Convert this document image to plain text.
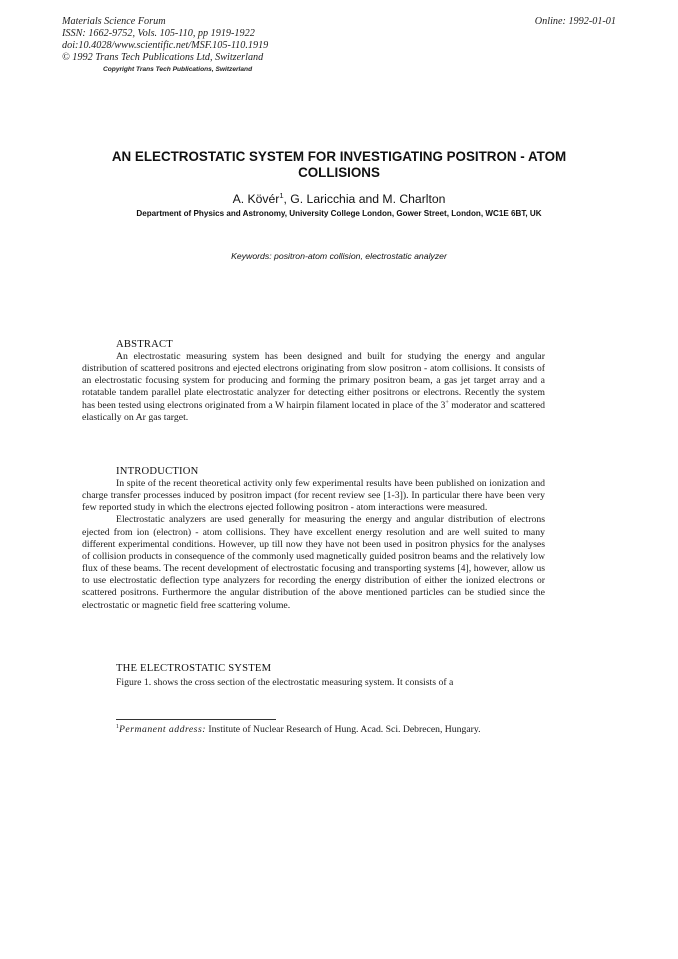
Materials Science Forum	Online: 1992-01-01
ISSN: 1662-9752, Vols. 105-110, pp 1919-1922
doi:10.4028/www.scientific.net/MSF.105-110.1919
© 1992 Trans Tech Publications Ltd, Switzerland
Copyright Trans Tech Publications, Switzerland
AN ELECTROSTATIC SYSTEM FOR INVESTIGATING POSITRON - ATOM
COLLISIONS
A. Kövér$^1$, G. Laricchia and M. Charlton
Department of Physics and Astronomy, University College London, Gower Street, London, WC1E 6BT, UK
Keywords: positron-atom collision, electrostatic analyzer
ABSTRACT
An electrostatic measuring system has been designed and built for studying the energy and angular distribution of scattered positrons and ejected electrons originating from slow positron - atom collisions. It consists of an electrostatic focusing system for producing and forming the primary positron beam, a gas jet target array and a rotatable tandem parallel plate electrostatic analyzer for detecting either positrons or electrons. Recently the system has been tested using electrons originated from a W hairpin filament located in place of the 3+ moderator and scattered elastically on Ar gas target.
INTRODUCTION
In spite of the recent theoretical activity only few experimental results have been published on ionization and charge transfer processes induced by positron impact (for recent review see [1-3]). In particular there have been very few reported study in which the electrons ejected following positron - atom interactions were measured.
Electrostatic analyzers are used generally for measuring the energy and angular distribution of electrons ejected from ion (electron) - atom collisions. They have excellent energy resolution and are well suited to many different experimental conditions. However, up till now they have not been used in positron physics for the analyses of collision products in consequence of the commonly used magnetically guided positron beams and the relatively low flux of these beams. The recent development of electrostatic focusing and transporting systems [4], however, allow us to use electrostatic deflection type analyzers for recording the energy distribution of either the ionized electrons or scattered positrons. Furthermore the angular distribution of the above mentioned particles can be studied since the electrostatic or magnetic field free scattering volume.
THE ELECTROSTATIC SYSTEM
Figure 1. shows the cross section of the electrostatic measuring system. It consists of a
$^1$Permanent address: Institute of Nuclear Research of Hung. Acad. Sci. Debrecen, Hungary.
